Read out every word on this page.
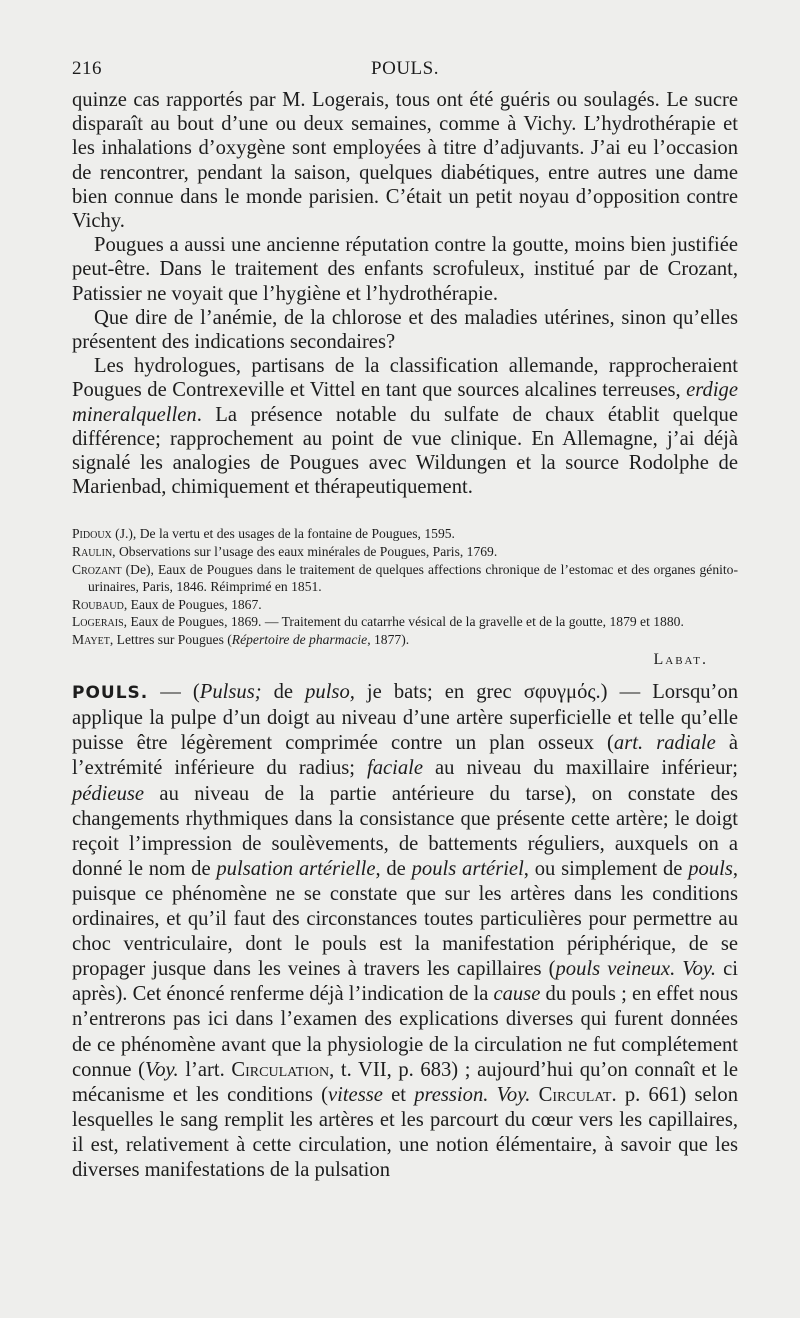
216	POULS.

quinze cas rapportés par M. Logerais, tous ont été guéris ou soulagés. Le sucre disparaît au bout d’une ou deux semaines, comme à Vichy. L’hydrothérapie et les inhalations d’oxygène sont employées à titre d’adjuvants. J’ai eu l’occasion de rencontrer, pendant la saison, quelques diabétiques, entre autres une dame bien connue dans le monde parisien. C’était un petit noyau d’opposition contre Vichy.

Pougues a aussi une ancienne réputation contre la goutte, moins bien justifiée peut-être. Dans le traitement des enfants scrofuleux, institué par de Crozant, Patissier ne voyait que l’hygiène et l’hydrothérapie.

Que dire de l’anémie, de la chlorose et des maladies utérines, sinon qu’elles présentent des indications secondaires?

Les hydrologues, partisans de la classification allemande, rapprocheraient Pougues de Contrexeville et Vittel en tant que sources alcalines terreuses, erdige mineralquellen. La présence notable du sulfate de chaux établit quelque différence; rapprochement au point de vue clinique. En Allemagne, j’ai déjà signalé les analogies de Pougues avec Wildungen et la source Rodolphe de Marienbad, chimiquement et thérapeutiquement.

Pidoux (J.), De la vertu et des usages de la fontaine de Pougues, 1595.

Raulin, Observations sur l’usage des eaux minérales de Pougues, Paris, 1769.

Crozant (De), Eaux de Pougues dans le traitement de quelques affections chronique de l’estomac et des organes génito-urinaires, Paris, 1846. Réimprimé en 1851.

Roubaud, Eaux de Pougues, 1867.

Logerais, Eaux de Pougues, 1869. — Traitement du catarrhe vésical de la gravelle et de la goutte, 1879 et 1880.

Mayet, Lettres sur Pougues (Répertoire de pharmacie, 1877).

Labat.

POULS. — (Pulsus; de pulso, je bats; en grec σφυγμός.) — Lorsqu’on applique la pulpe d’un doigt au niveau d’une artère superficielle et telle qu’elle puisse être légèrement comprimée contre un plan osseux (art. radiale à l’extrémité inférieure du radius; faciale au niveau du maxillaire inférieur; pédieuse au niveau de la partie antérieure du tarse), on constate des changements rhythmiques dans la consistance que présente cette artère; le doigt reçoit l’impression de soulèvements, de battements réguliers, auxquels on a donné le nom de pulsation artérielle, de pouls artériel, ou simplement de pouls, puisque ce phénomène ne se constate que sur les artères dans les conditions ordinaires, et qu’il faut des circonstances toutes particulières pour permettre au choc ventriculaire, dont le pouls est la manifestation périphérique, de se propager jusque dans les veines à travers les capillaires (pouls veineux. Voy. ci après). Cet énoncé renferme déjà l’indication de la cause du pouls ; en effet nous n’entrerons pas ici dans l’examen des explications diverses qui furent données de ce phénomène avant que la physiologie de la circulation ne fut complétement connue (Voy. l’art. Circulation, t. VII, p. 683) ; aujourd’hui qu’on connaît et le mécanisme et les conditions (vitesse et pression. Voy. Circulat. p. 661) selon lesquelles le sang remplit les artères et les parcourt du cœur vers les capillaires, il est, relativement à cette circulation, une notion élémentaire, à savoir que les diverses manifestations de la pulsation
